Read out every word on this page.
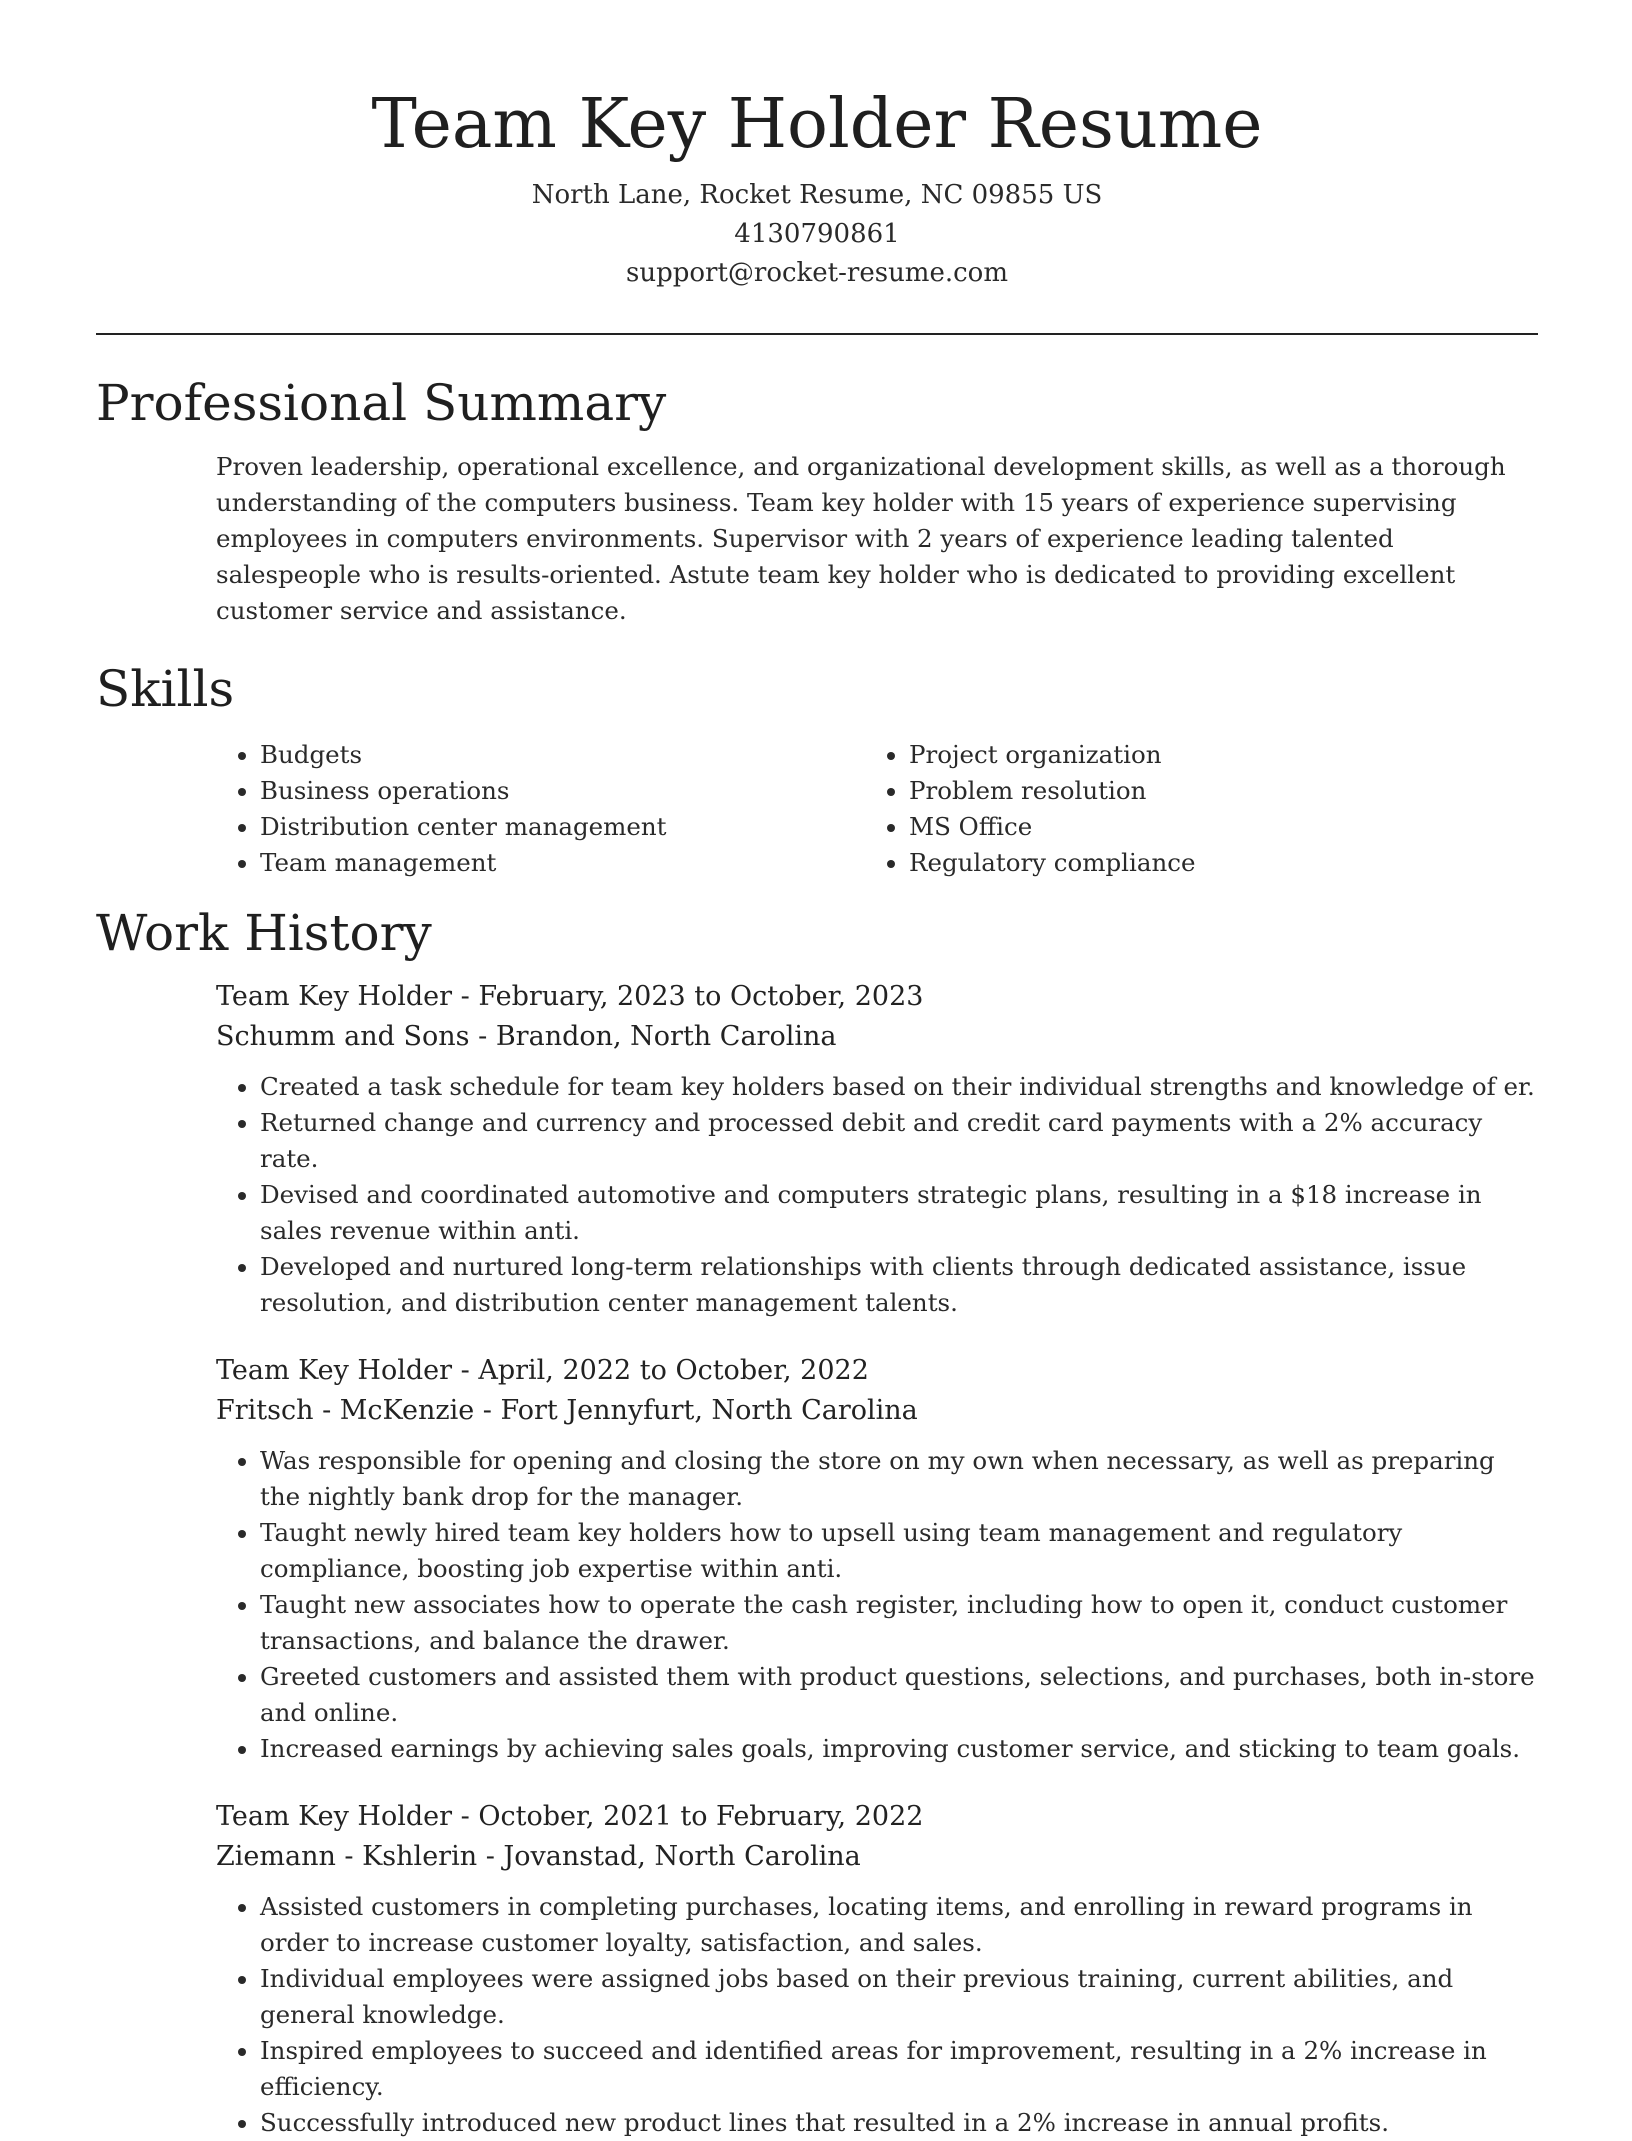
Team Key Holder Resume
North Lane, Rocket Resume, NC 09855 US
4130790861
support@rocket-resume.com
Professional Summary

Proven leadership, operational excellence, and organizational development skills, as well as a thorough understanding of the computers business. Team key holder with 15 years of experience supervising employees in computers environments. Supervisor with 2 years of experience leading talented salespeople who is results-oriented. Astute team key holder who is dedicated to providing excellent customer service and assistance.

Skills
• Budgets
• Business operations
• Distribution center management
• Team management
• Project organization
• Problem resolution
• MS Office
• Regulatory compliance
Work History
Team Key Holder - February, 2023 to October, 2023
Schumm and Sons - Brandon, North Carolina
• Created a task schedule for team key holders based on their individual strengths and knowledge of er.
• Returned change and currency and processed debit and credit card payments with a 2% accuracy rate.
• Devised and coordinated automotive and computers strategic plans, resulting in a $18 increase in sales revenue within anti.
• Developed and nurtured long-term relationships with clients through dedicated assistance, issue resolution, and distribution center management talents.
Team Key Holder - April, 2022 to October, 2022
Fritsch - McKenzie - Fort Jennyfurt, North Carolina
• Was responsible for opening and closing the store on my own when necessary, as well as preparing the nightly bank drop for the manager.
• Taught newly hired team key holders how to upsell using team management and regulatory compliance, boosting job expertise within anti.
• Taught new associates how to operate the cash register, including how to open it, conduct customer transactions, and balance the drawer.
• Greeted customers and assisted them with product questions, selections, and purchases, both in-store and online.
• Increased earnings by achieving sales goals, improving customer service, and sticking to team goals.
Team Key Holder - October, 2021 to February, 2022
Ziemann - Kshlerin - Jovanstad, North Carolina
• Assisted customers in completing purchases, locating items, and enrolling in reward programs in order to increase customer loyalty, satisfaction, and sales.
• Individual employees were assigned jobs based on their previous training, current abilities, and general knowledge.
• Inspired employees to succeed and identified areas for improvement, resulting in a 2% increase in efficiency.
• Successfully introduced new product lines that resulted in a 2% increase in annual profits.
